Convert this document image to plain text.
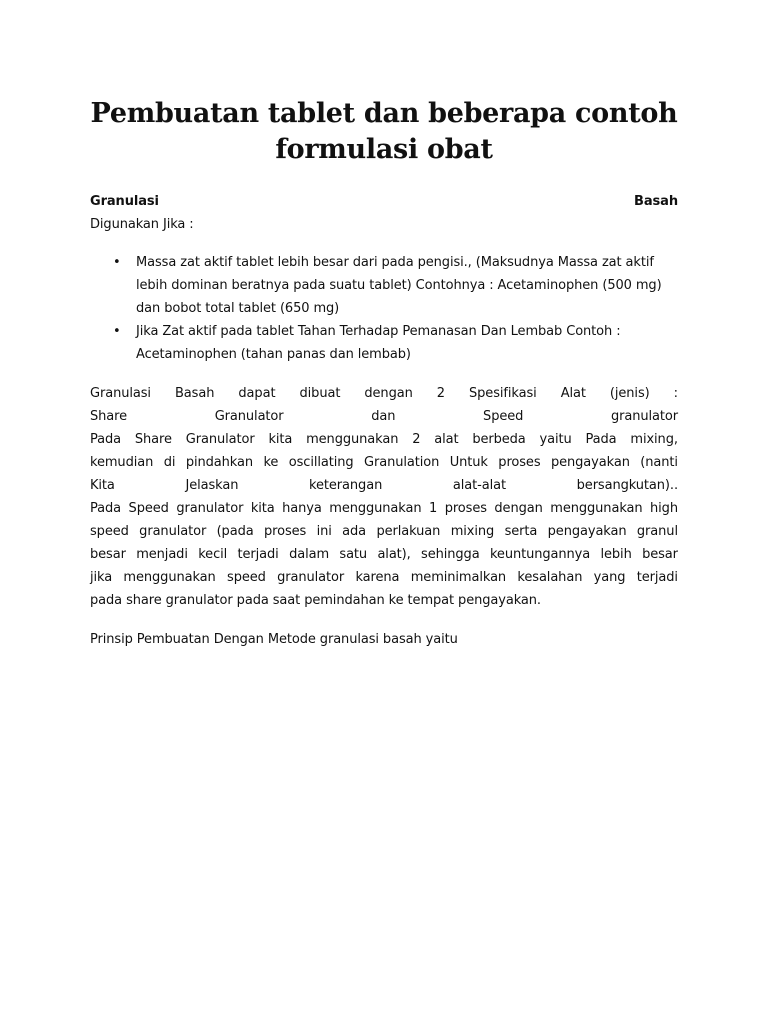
Pembuatan tablet dan beberapa contoh
formulasi obat
Granulasi	Basah

Digunakan Jika :

• Massa zat aktif tablet lebih besar dari pada pengisi., (Maksudnya Massa zat aktif lebih dominan beratnya pada suatu tablet) Contohnya : Acetaminophen (500 mg) dan bobot total tablet (650 mg)
• Jika Zat aktif pada tablet Tahan Terhadap Pemanasan Dan Lembab Contoh : Acetaminophen (tahan panas dan lembab)
Granulasi Basah dapat dibuat dengan 2 Spesifikasi Alat (jenis) :
Share	Granulator	dan	Speed	granulator
Pada Share Granulator kita menggunakan 2 alat berbeda yaitu Pada mixing,
kemudian di pindahkan ke oscillating Granulation Untuk proses pengayakan (nanti
Kita	Jelaskan	keterangan	alat-alat	bersangkutan)..
Pada Speed granulator kita hanya menggunakan 1 proses dengan menggunakan high
speed granulator (pada proses ini ada perlakuan mixing serta pengayakan granul
besar menjadi kecil terjadi dalam satu alat), sehingga keuntungannya lebih besar
jika menggunakan speed granulator karena meminimalkan kesalahan yang terjadi
pada share granulator pada saat pemindahan ke tempat pengayakan.

Prinsip Pembuatan Dengan Metode granulasi basah yaitu
